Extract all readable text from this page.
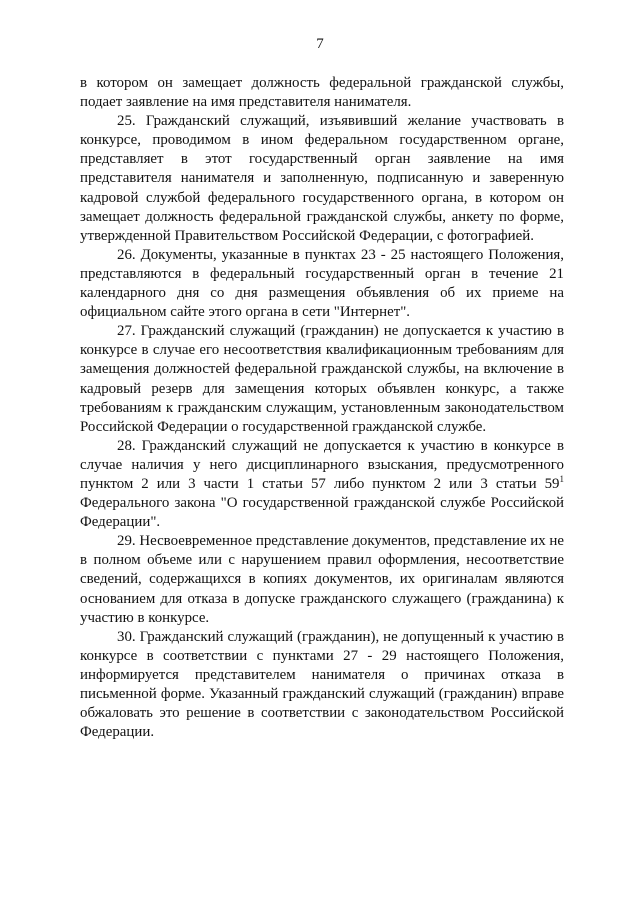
7

в котором он замещает должность федеральной гражданской службы, подает заявление на имя представителя нанимателя.

25. Гражданский служащий, изъявивший желание участвовать в конкурсе, проводимом в ином федеральном государственном органе, представляет в этот государственный орган заявление на имя представителя нанимателя и заполненную, подписанную и заверенную кадровой службой федерального государственного органа, в котором он замещает должность федеральной гражданской службы, анкету по форме, утвержденной Правительством Российской Федерации, с фотографией.

26. Документы, указанные в пунктах 23 - 25 настоящего Положения, представляются в федеральный государственный орган в течение 21 календарного дня со дня размещения объявления об их приеме на официальном сайте этого органа в сети "Интернет".

27. Гражданский служащий (гражданин) не допускается к участию в конкурсе в случае его несоответствия квалификационным требованиям для замещения должностей федеральной гражданской службы, на включение в кадровый резерв для замещения которых объявлен конкурс, а также требованиям к гражданским служащим, установленным законодательством Российской Федерации о государственной гражданской службе.

28. Гражданский служащий не допускается к участию в конкурсе в случае наличия у него дисциплинарного взыскания, предусмотренного пунктом 2 или 3 части 1 статьи 57 либо пунктом 2 или 3 статьи $59^1$ Федерального закона "О государственной гражданской службе Российской Федерации".

29. Несвоевременное представление документов, представление их не в полном объеме или с нарушением правил оформления, несоответствие сведений, содержащихся в копиях документов, их оригиналам являются основанием для отказа в допуске гражданского служащего (гражданина) к участию в конкурсе.

30. Гражданский служащий (гражданин), не допущенный к участию в конкурсе в соответствии с пунктами 27 - 29 настоящего Положения, информируется представителем нанимателя о причинах отказа в письменной форме. Указанный гражданский служащий (гражданин) вправе обжаловать это решение в соответствии с законодательством Российской Федерации.
